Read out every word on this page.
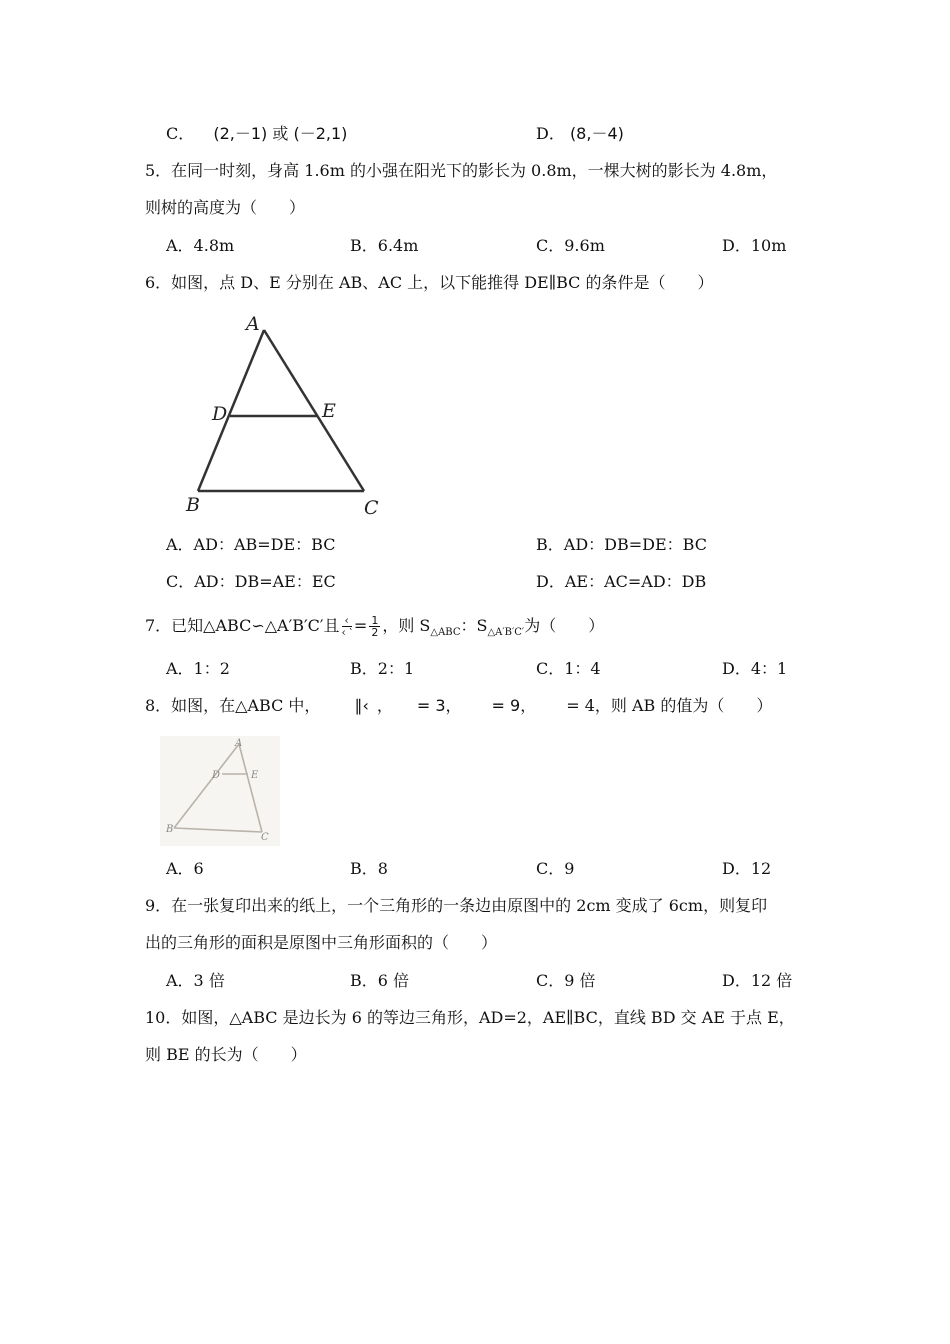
C． (2,－1) 或 (－2,1)	D． (8,－4)
5．在同一时刻，身高 1.6m 的小强在阳光下的影长为 0.8m，一棵大树的影长为 4.8m，
则树的高度为（　　）
A．4.8m	B．6.4m	C．9.6m	D．10m
6．如图，点 D、E 分别在 AB、AC 上，以下能推得 DE∥BC 的条件是（　　）
A
D	E
B	C
A．AD：AB=DE：BC	B．AD：DB=DE：BC
C．AD：DB=AE：EC	D．AE：AC=AD：DB
7．已知△ABC∽△A′B′C′且 $\frac{‹}{‹ ‵} = \frac{1}{2}$ ，则 $S_{\triangle ABC}$：$S_{\triangle A'B'C'}$为（　　）
A．1：2	B．2：1	C．1：4	D．4：1
8．如图，在△ABC 中， ∥‹ ， = 3， = 9， = 4，则 AB 的值为（　　）
A
D	E
B
C
A．6	B．8	C．9	D．12
9．在一张复印出来的纸上，一个三角形的一条边由原图中的 2cm 变成了 6cm，则复印
出的三角形的面积是原图中三角形面积的（　　）
A．3 倍	B．6 倍	C．9 倍	D．12 倍
10．如图，△ABC 是边长为 6 的等边三角形，AD=2，AE∥BC，直线 BD 交 AE 于点 E，
则 BE 的长为（　　）
